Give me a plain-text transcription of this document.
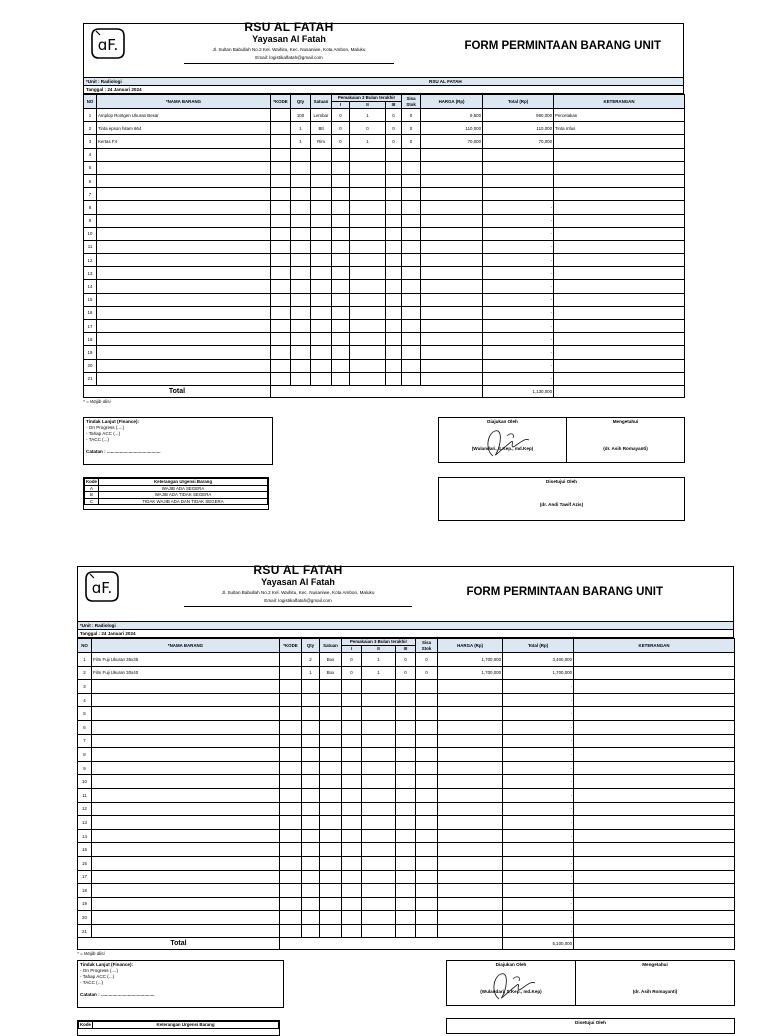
ɑF.
RSU AL FATAH
Yayasan Al Fatah
Jl. Sultan Babullah No.2 Kel. Waihitu, Kec. Nusaniwe, Kota Ambon, Maluku
Email: logistikalfatah@gmail.com
FORM PERMINTAAN BARANG UNIT
*Unit : Radiologi	RSU AL FATAH
Tanggal : 24 Januari 2024
NO	*NAMA BARANG	*KODE	Qty	Satuan	Pemakaian 3 Bulan terakhir			Sisa Stok	HARGA (Rp)	Total (Rp)	KETERANGAN
					I	II	III				
1	Amplop Rontgen Ukuran Besar		100	Lembar	0	1	0	0	9,500	950,000	Percetakan
2	Tinta epson hitam 664		1	Btl	0	0	0	0	110,000	110,000	Tinta Infus
3	Kertas F4		1	Rim	0	1	0	0	70,000	70,000	
4											
5											
6											
7											
8										-	
9										-	
10										-	
11										-	
12										-	
13										-	
14										-	
15										-	
16										-	
17										-	
18										-	
19										-	
20										-	
21										-	
Total										1,130,000	
* = Wajib diisi
Tindak Lanjut (Finance):
- On Progress (....)
- Tahap ACC (...)
- TACC (...)
Catatan : ..........................................
Diajukan Oleh
(Wulandari, S.Kep., md.Kep)
Mengetahui
(dr. Asih Romayanti)
Kode	Keterangan Urgensi Barang
A	WAJIB ADA SEGERA
B	WAJIB ADA TIDAK SEGERA
C	TIDAK WAJIB ADA DAN TIDAK SEGERA
Disetujui Oleh
(dr. Andi Tawif Azis)
ɑF.
RSU AL FATAH
Yayasan Al Fatah
Jl. Sultan Babullah No.2 Kel. Waihitu, Kec. Nusaniwe, Kota Ambon, Maluku
Email: logistikalfatah@gmail.com
FORM PERMINTAAN BARANG UNIT
*Unit : Radiologi
Tanggal : 24 Januari 2024
NO	*NAMA BARANG	*KODE	Qty	Satuan	Pemakaian 3 Bulan terakhir			Sisa Stok	HARGA (Rp)	Total (Rp)	KETERANGAN
					I	II	III				
1	Film Fuji Ukuran 35x35		2	Box	0	1	0	0	1,700,000	3,400,000	
2	Film Fuji Ukuran 30x40		1	Box	0	1	0	0	1,700,000	1,700,000	
3										-	
4										-	
5										-	
6										-	
7										-	
8										-	
9										-	
10										-	
11										-	
12										-	
13										-	
14										-	
15										-	
16										-	
17										-	
18										-	
19										-	
20										-	
21										-	
Total										5,100,000	
* = Wajib diisi
Tindak Lanjut (Finance):
- On Progress (....)
- Tahap ACC (...)
- TACC (...)
Catatan : ..........................................
Diajukan Oleh
(Wulandari, S.Kep., md.Kep)
Mengetahui
(dr. Asih Romayanti)
Kode	Keterangan Urgensi Barang	Disetujui Oleh
